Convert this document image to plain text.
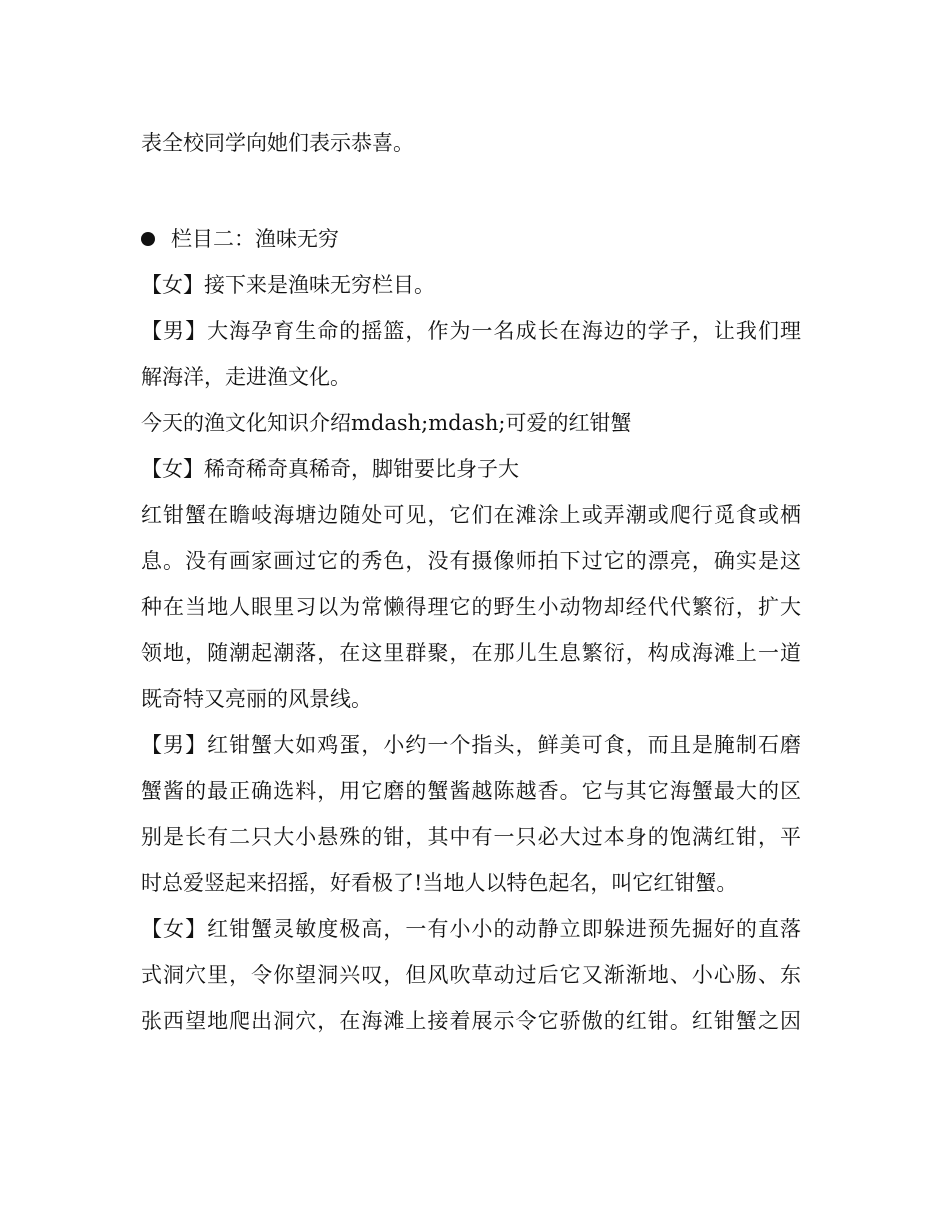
表全校同学向她们表示恭喜。
栏目二：渔味无穷
【女】接下来是渔味无穷栏目。
【男】大海孕育生命的摇篮，作为一名成长在海边的学子，让我们理
解海洋，走进渔文化。
今天的渔文化知识介绍mdash;mdash;可爱的红钳蟹
【女】稀奇稀奇真稀奇，脚钳要比身子大
红钳蟹在瞻岐海塘边随处可见，它们在滩涂上或弄潮或爬行觅食或栖
息。没有画家画过它的秀色，没有摄像师拍下过它的漂亮，确实是这
种在当地人眼里习以为常懒得理它的野生小动物却经代代繁衍，扩大
领地，随潮起潮落，在这里群聚，在那儿生息繁衍，构成海滩上一道
既奇特又亮丽的风景线。
【男】红钳蟹大如鸡蛋，小约一个指头，鲜美可食，而且是腌制石磨
蟹酱的最正确选料，用它磨的蟹酱越陈越香。它与其它海蟹最大的区
别是长有二只大小悬殊的钳，其中有一只必大过本身的饱满红钳，平
时总爱竖起来招摇，好看极了!当地人以特色起名，叫它红钳蟹。
【女】红钳蟹灵敏度极高，一有小小的动静立即躲进预先掘好的直落
式洞穴里，令你望洞兴叹，但风吹草动过后它又渐渐地、小心肠、东
张西望地爬出洞穴，在海滩上接着展示令它骄傲的红钳。红钳蟹之因
